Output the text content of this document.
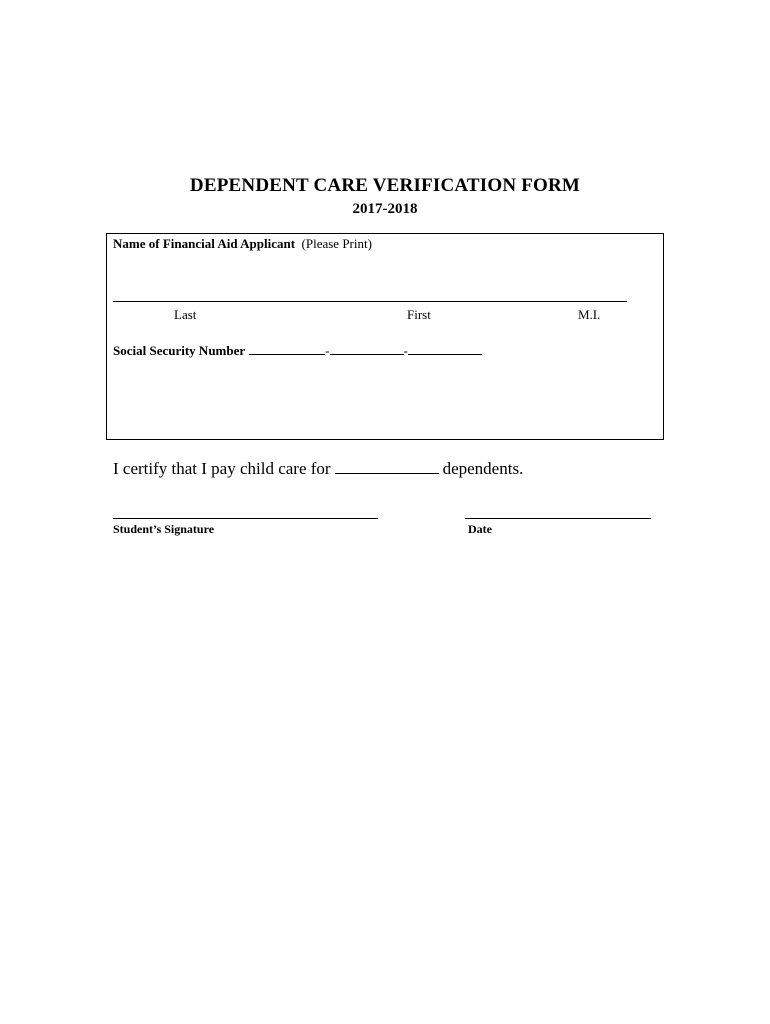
DEPENDENT CARE VERIFICATION FORM
2017-2018
Name of Financial Aid Applicant (Please Print)
Last	First	M.I.
Social Security Number	-	-
I certify that I pay child care for	dependents.
Student’s Signature	Date
